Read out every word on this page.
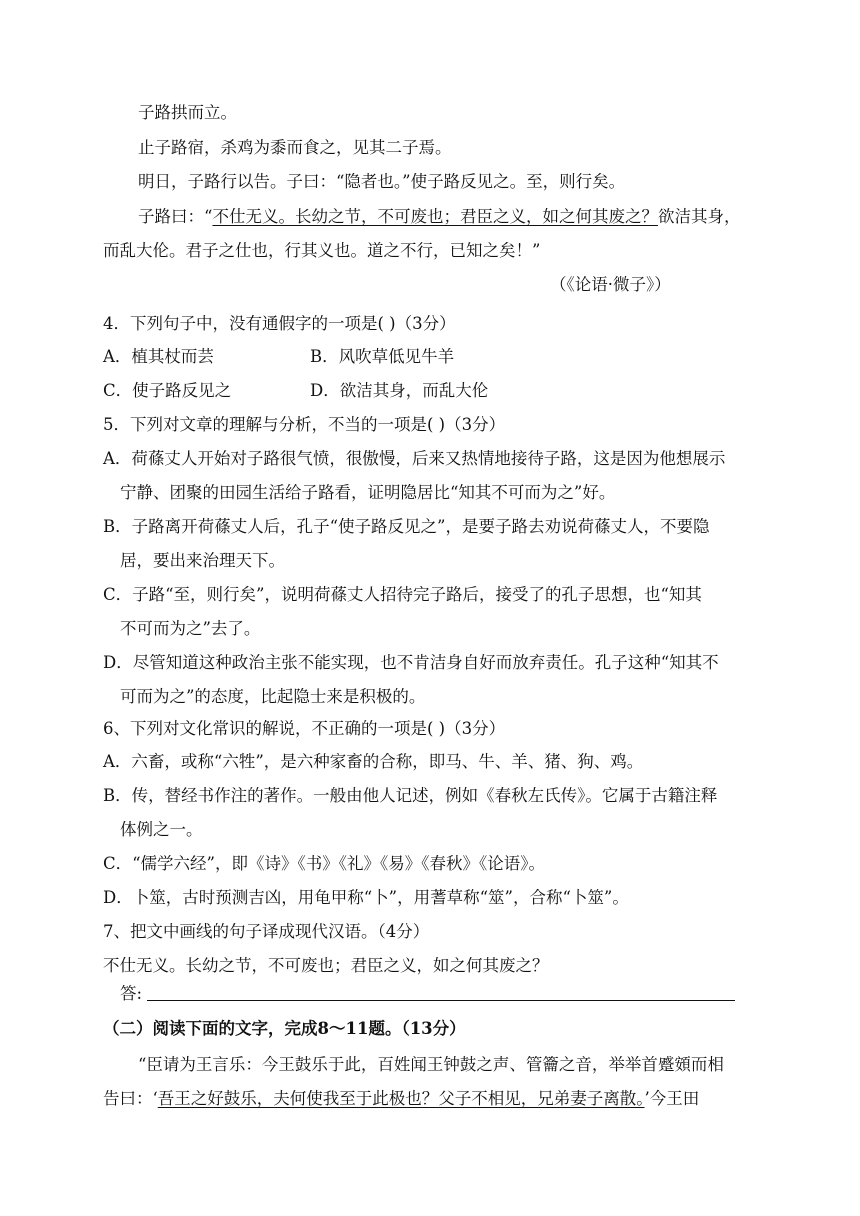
子路拱而立。
止子路宿，杀鸡为黍而食之，见其二子焉。
明日，子路行以告。子曰：“隐者也。”使子路反见之。至，则行矣。
子路曰：“不仕无义。长幼之节，不可废也；君臣之义，如之何其废之？欲洁其身，
而乱大伦。君子之仕也，行其义也。道之不行，已知之矣！”
（《论语·微子》）
4．下列句子中，没有通假字的一项是( )（3分）
A．植其杖而芸	B．风吹草低见牛羊
C．使子路反见之	D．欲洁其身，而乱大伦
5．下列对文章的理解与分析，不当的一项是( )（3分）
A．荷蓧丈人开始对子路很气愤，很傲慢，后来又热情地接待子路，这是因为他想展示
宁静、团聚的田园生活给子路看，证明隐居比“知其不可而为之”好。
B．子路离开荷蓧丈人后，孔子“使子路反见之”，是要子路去劝说荷蓧丈人，不要隐
居，要出来治理天下。
C．子路“至，则行矣”，说明荷蓧丈人招待完子路后，接受了的孔子思想，也“知其
不可而为之”去了。
D．尽管知道这种政治主张不能实现，也不肯洁身自好而放弃责任。孔子这种“知其不
可而为之”的态度，比起隐士来是积极的。
6、下列对文化常识的解说，不正确的一项是( )（3分）
A．六畜，或称“六牲”，是六种家畜的合称，即马、牛、羊、猪、狗、鸡。
B．传，替经书作注的著作。一般由他人记述，例如《春秋左氏传》。它属于古籍注释
体例之一。
C．“儒学六经”，即《诗》《书》《礼》《易》《春秋》《论语》。
D．卜筮，古时预测吉凶，用龟甲称“卜”，用蓍草称“筮”，合称“卜筮”。
7、把文中画线的句子译成现代汉语。（4分）
不仕无义。长幼之节，不可废也；君臣之义，如之何其废之？
答:
（二）阅读下面的文字，完成8～11题。（13分）
“臣请为王言乐：今王鼓乐于此，百姓闻王钟鼓之声、管籥之音，举举首蹙頞而相
告曰：‘吾王之好鼓乐，夫何使我至于此极也？父子不相见，兄弟妻子离散。’今王田
